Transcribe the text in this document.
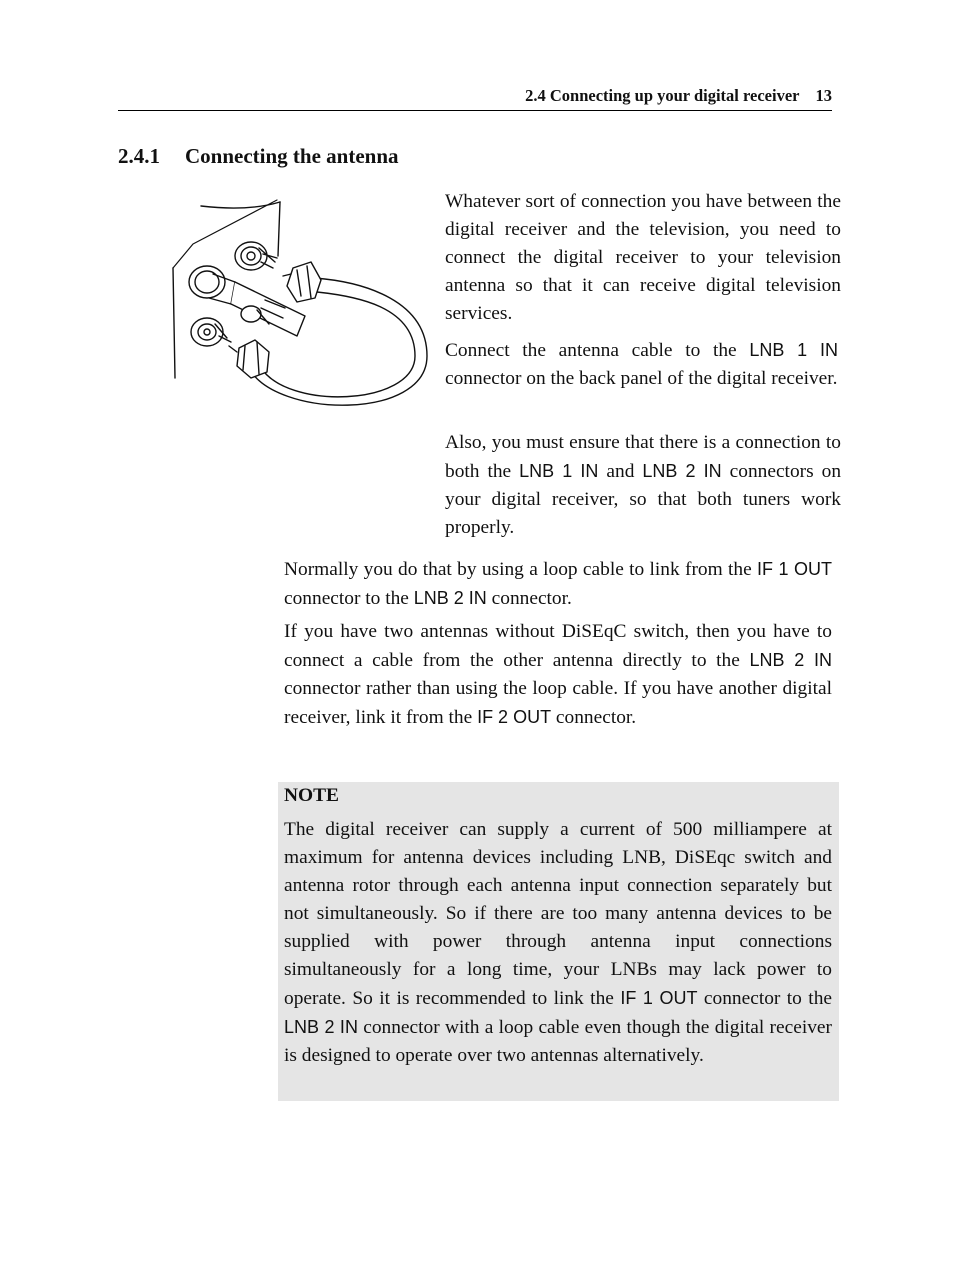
2.4 Connecting up your digital receiver 13
2.4.1 Connecting the antenna

Whatever sort of connection you have between the digital receiver and the television, you need to connect the digital receiver to your television antenna so that it can receive digital television services.

Connect the antenna cable to the LNB 1 IN connector on the back panel of the digital receiver.

Also, you must ensure that there is a connection to both the LNB 1 IN and LNB 2 IN connectors on your digital receiver, so that both tuners work properly.

Normally you do that by using a loop cable to link from the IF 1 OUT connector to the LNB 2 IN connector.

If you have two antennas without DiSEqC switch, then you have to connect a cable from the other antenna directly to the LNB 2 IN connector rather than using the loop cable. If you have another digital receiver, link it from the IF 2 OUT connector.

NOTE

The digital receiver can supply a current of 500 milliampere at maximum for antenna devices including LNB, DiSEqc switch and antenna rotor through each antenna input connection separately but not simultaneously. So if there are too many antenna devices to be supplied with power through antenna input connections simultaneously for a long time, your LNBs may lack power to operate. So it is recommended to link the IF 1 OUT connector to the LNB 2 IN connector with a loop cable even though the digital receiver is designed to operate over two antennas alternatively.
